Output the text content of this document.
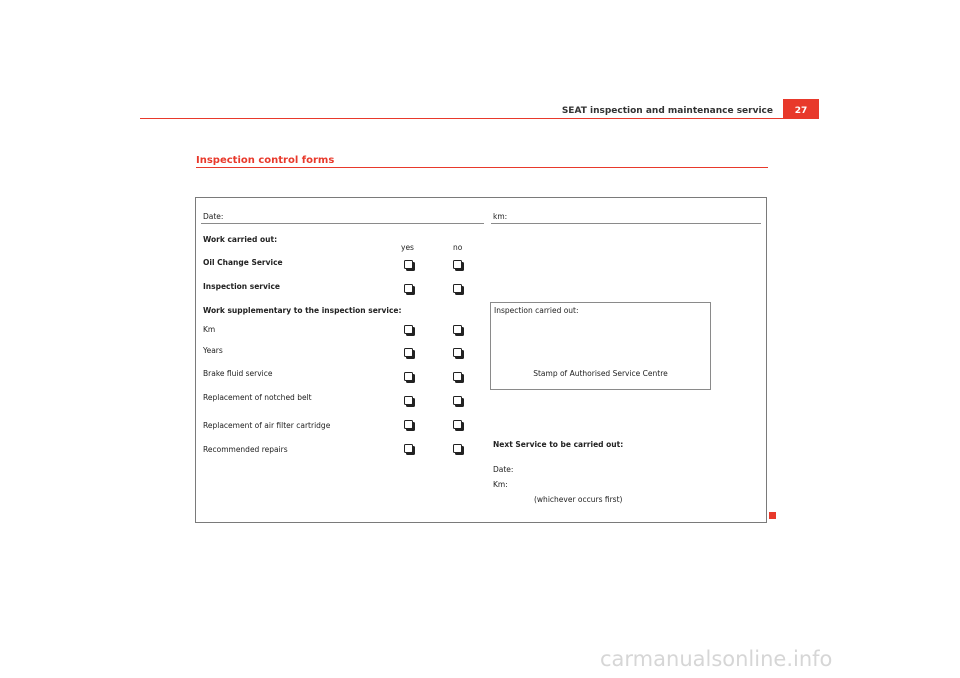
SEAT inspection and maintenance service	27
Inspection control forms
Date:	km:
Work carried out:
yes	no
Oil Change Service
Inspection service
Work supplementary to the inspection service:
Km
Years
Brake fluid service
Replacement of notched belt
Replacement of air filter cartridge
Recommended repairs
Inspection carried out:
Stamp of Authorised Service Centre
Next Service to be carried out:
Date:
Km:
(whichever occurs first)
carmanualsonline.info
